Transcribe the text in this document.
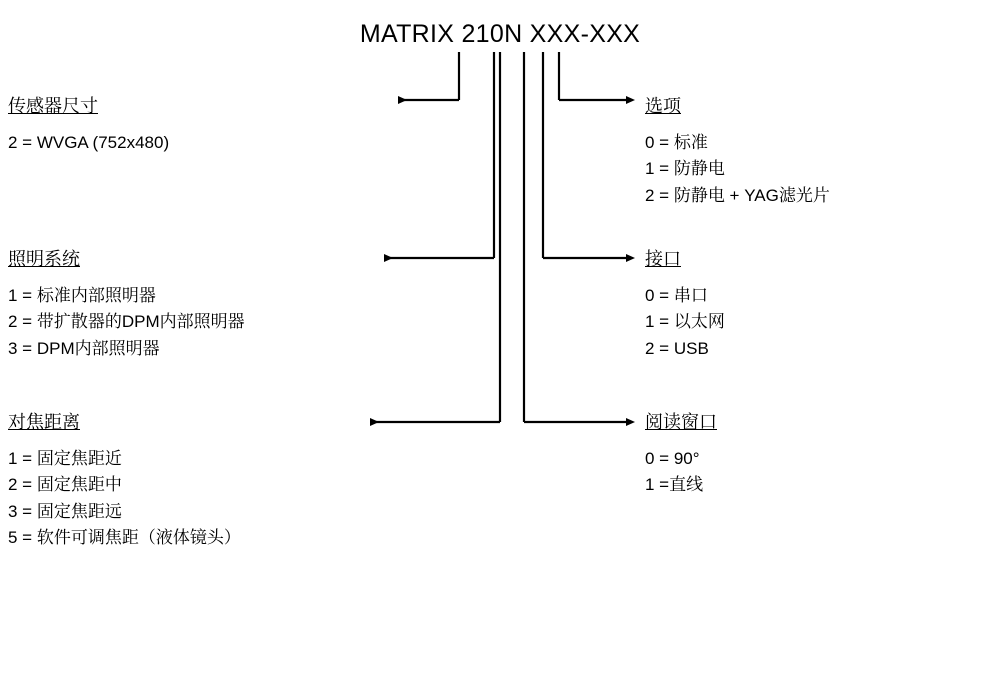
MATRIX 210N XXX-XXX
传感器尺寸
2 = WVGA (752x480)
照明系统
1 = 标准内部照明器
2 = 带扩散器的DPM内部照明器
3 = DPM内部照明器
对焦距离
1 = 固定焦距近
2 = 固定焦距中
3 = 固定焦距远
5 = 软件可调焦距（液体镜头）
选项
0 = 标准
1 = 防静电
2 = 防静电 + YAG滤光片
接口
0 = 串口
1 = 以太网
2 = USB
阅读窗口
0 = 90°
1 =直线
